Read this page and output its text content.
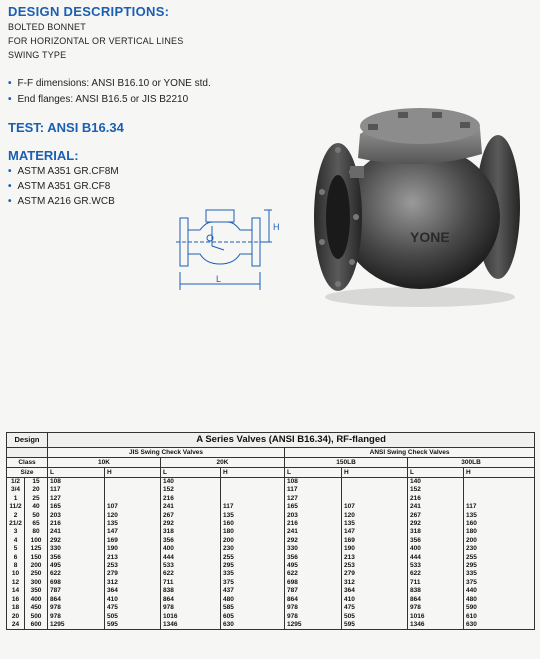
DESIGN DESCRIPTIONS:
BOLTED BONNET
FOR HORIZONTAL OR VERTICAL LINES
SWING TYPE
• F-F dimensions: ANSI B16.10 or YONE std.
• End flanges: ANSI B16.5 or JIS B2210
TEST: ANSI B16.34
MATERIAL:
• ASTM A351 GR.CF8M
• ASTM A351 GR.CF8
• ASTM A216 GR.WCB
H
L
YONE
Design		A Series Valves (ANSI B16.34), RF-flanged							
		JIS Swing Check Valves				ANSI Swing Check Valves			
Class		10K		20K		150LB		300LB	
Size		L	H	L	H	L	H	L	H
1/2	15	108		140		108		140	
3/4	20	117		152		117		152	
1	25	127		216		127		216	
11/2	40	165	107	241	117	165	107	241	117
2	50	203	120	267	135	203	120	267	135
21/2	65	216	135	292	160	216	135	292	160
3	80	241	147	318	180	241	147	318	180
4	100	292	169	356	200	292	169	356	200
5	125	330	190	400	230	330	190	400	230
6	150	356	213	444	255	356	213	444	255
8	200	495	253	533	295	495	253	533	295
10	250	622	279	622	335	622	279	622	335
12	300	698	312	711	375	698	312	711	375
14	350	787	364	838	437	787	364	838	440
16	400	864	410	864	480	864	410	864	480
18	450	978	475	978	585	978	475	978	590
20	500	978	505	1016	605	978	505	1016	610
24	600	1295	595	1346	630	1295	595	1346	630
